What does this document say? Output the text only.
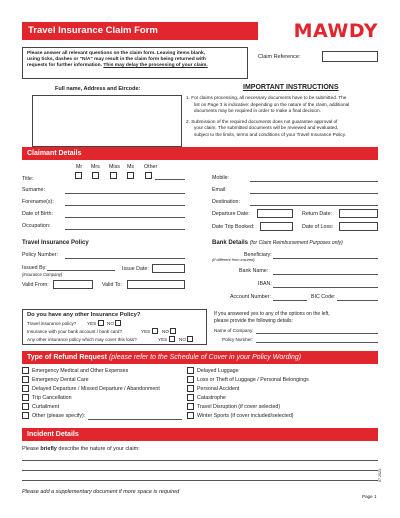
Travel Insurance Claim Form	MAWDY
Please answer all relevant questions on the claim form. Leaving items blank,
using ticks, dashes or "N/A" may result in the claim form being returned with
requests for further information. This may delay the processing of your claim.
Claim Reference:
Full name, Address and Eircode:	IMPORTANT INSTRUCTIONS
1. For claims processing, all necessary documents have to be submitted. The
list on Page 3 is indicative: depending on the nature of the claim, additional
documents may be required in order to make a final decision.
2. Submission of the required documents does not guarantee approval of
your claim. The submitted documents will be reviewed and evaluated,
subject to the limits, terms and conditions of your Travel Insurance Policy.
Claimant Details
Mr Mrs Miss Ms Other
Title:
Surname:
Forename(s):
Date of Birth:
Occupation:
Mobile:
Email:
Destination:
Departure Date:	Return Date:
Date Trip Booked:	Date of Loss:
Travel Insurance Policy
Policy Number:
Issued By:
(Insurance Company)
Issue Date:
Valid From:	Valid To:
Bank Details (for Claim Reimbursement Purposes only)
Beneficiary:
(If different from insured)
Bank Name:
IBAN:
Account Number:	BIC Code:
Do you have any other Insurance Policy?
Travel insurance policy? YES NO
Insurance with your bank account / bank card?	YES	NO
Any other insurance policy which may cover this loss?	YES	NO
If you answered yes to any of the options on the left,
please provide the following details:
Name of Company:
Policy Number:
Type of Refund Request (please refer to the Schedule of Cover in your Policy Wording)
Emergency Medical and Other Expenses
Emergency Dental Care
Delayed Departure / Missed Departure / Abandonment
Trip Cancellation
Curtailment
Other (please specify):
Delayed Luggage
Loss or Theft of Luggage / Personal Belongings
Personal Accident
Catastrophe
Travel Disruption (if cover selected)
Winter Sports (if cover included/selected)
Incident Details
Please briefly describe the nature of your claim:
Please add a supplementary document if more space is required
Page 1
07.2023
